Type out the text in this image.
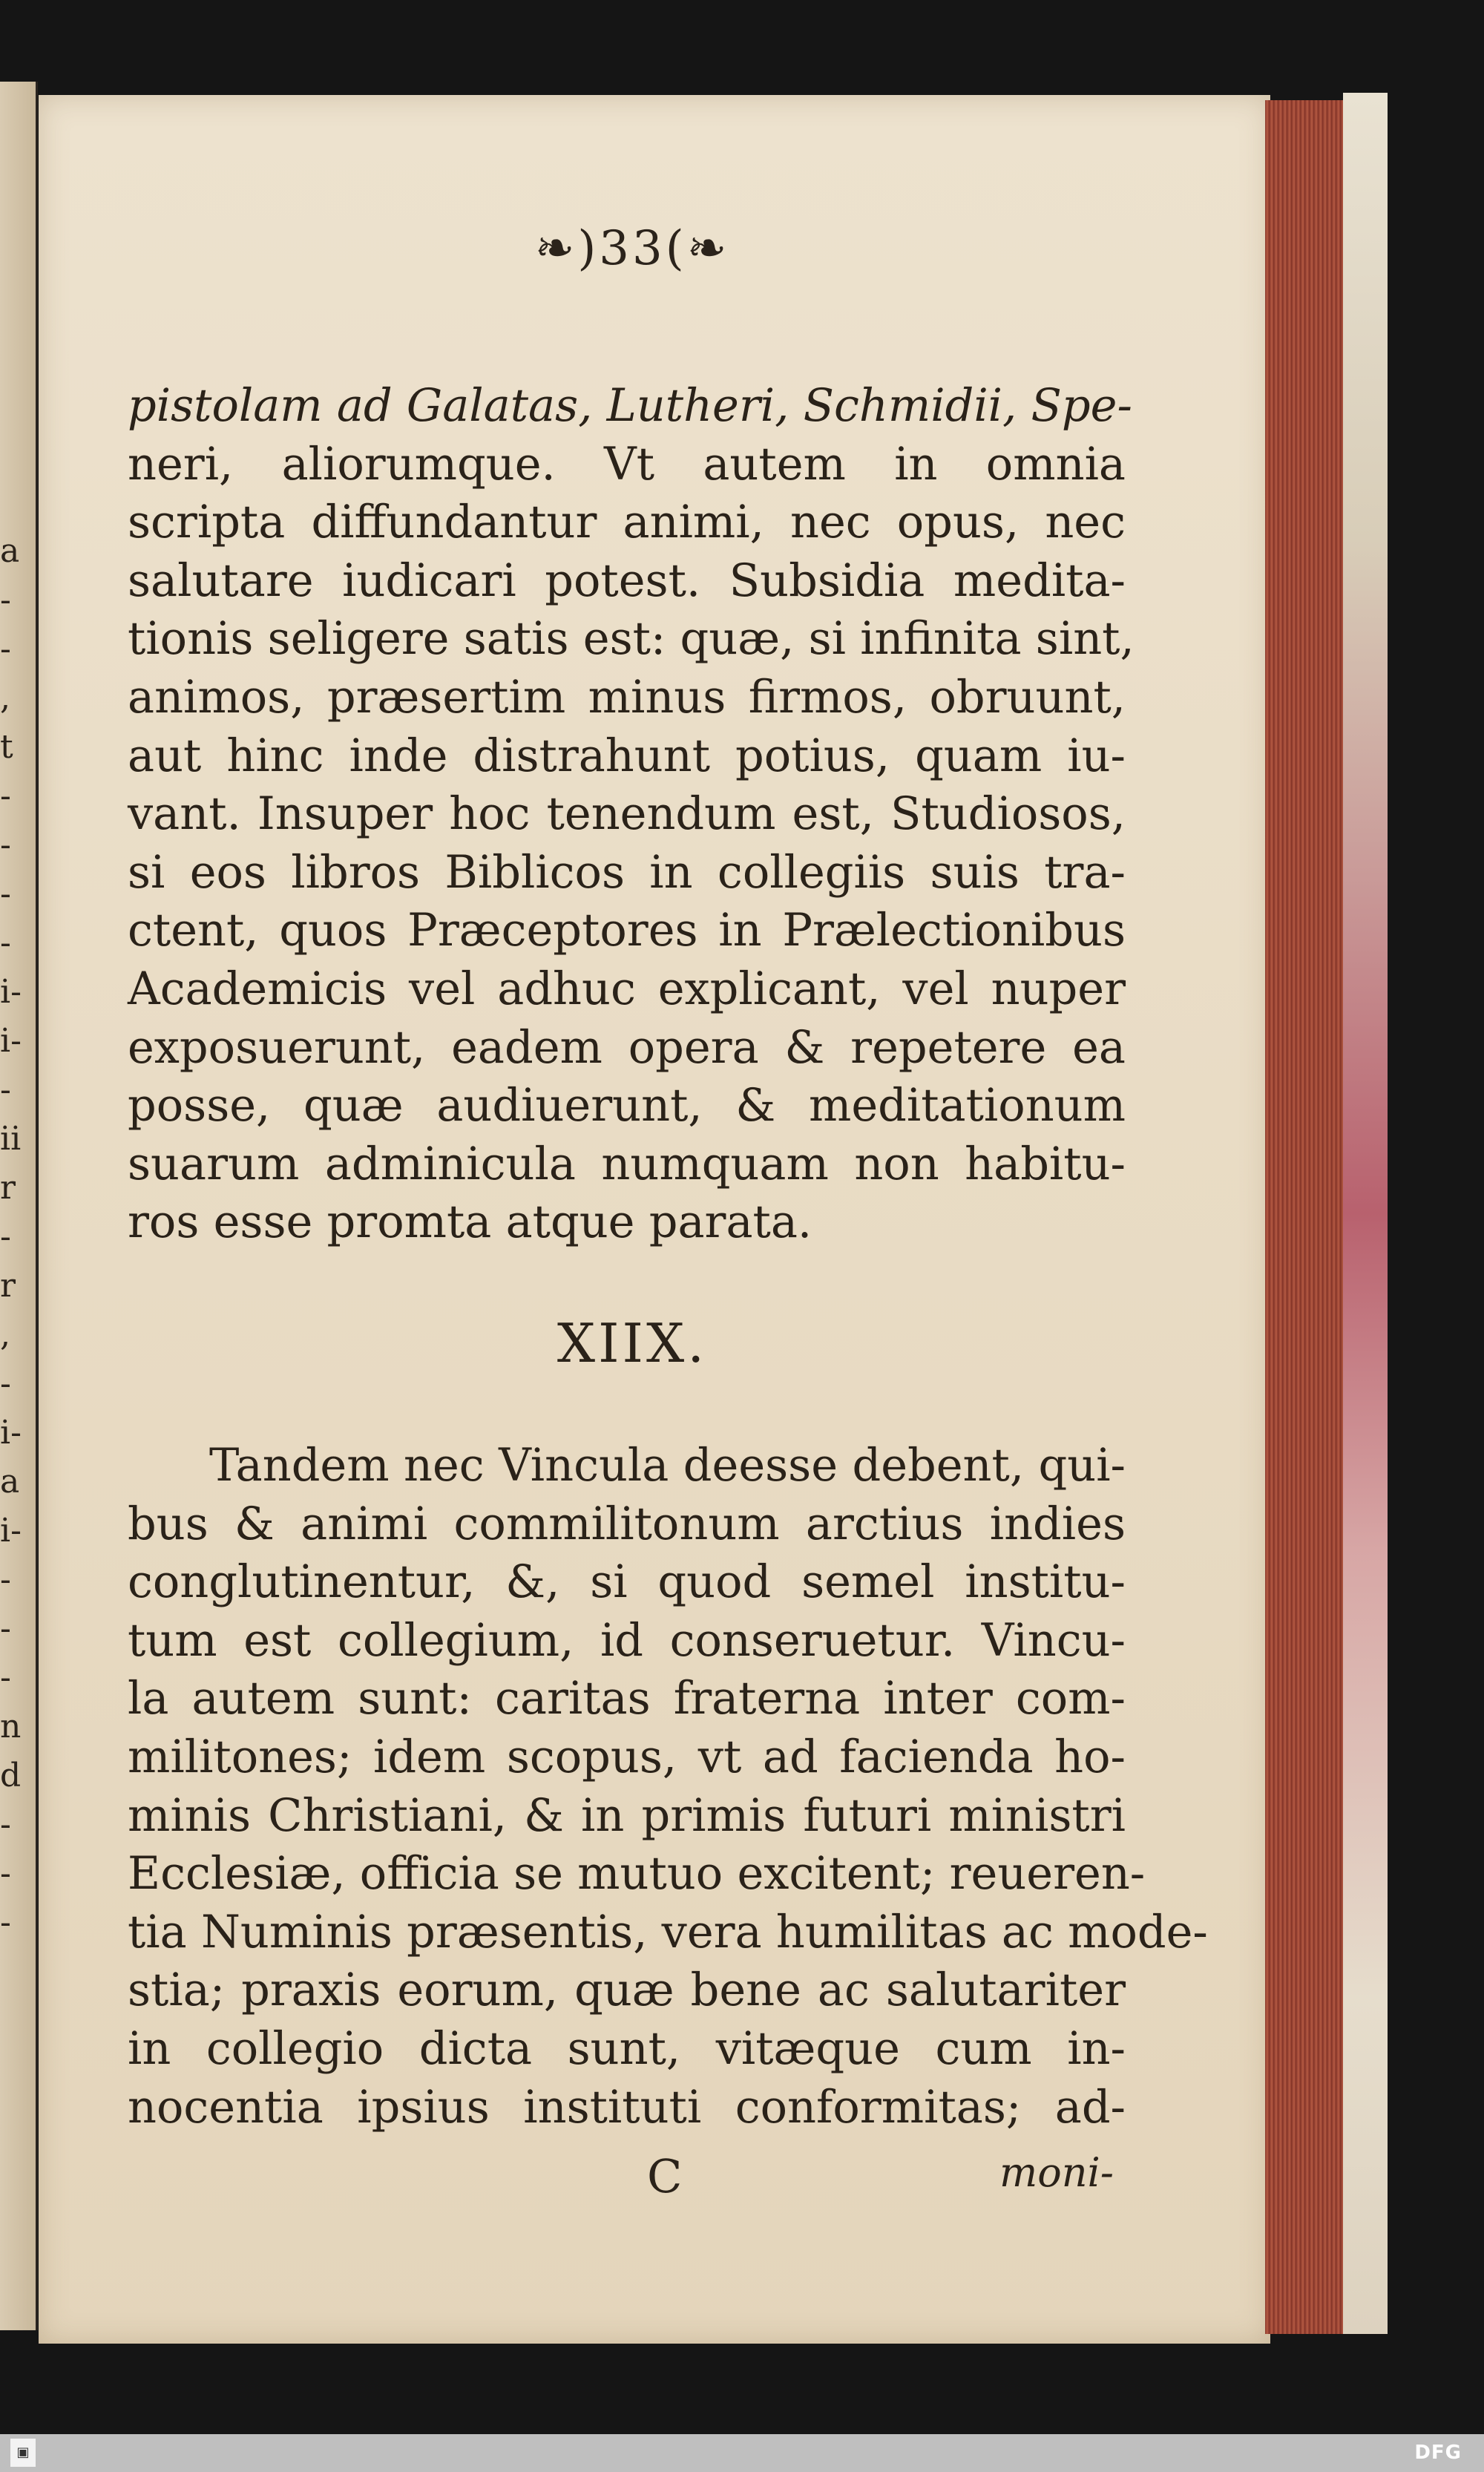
a
-
-
,
t
-
-
-
-
i-
i-
-
ii
r
-
r
,
-
i-
a
i-
-
-
-
n
d
-
-
-
❧)33(❧
pistolam ad Galatas, Lutheri, Schmidii, Spe-
neri, aliorumque. Vt autem in omnia
scripta diffundantur animi, nec opus, nec
salutare iudicari potest. Subsidia medita-
tionis seligere satis est: quæ, si infinita sint,
animos, præsertim minus firmos, obruunt,
aut hinc inde distrahunt potius, quam iu-
vant. Insuper hoc tenendum est, Studiosos,
si eos libros Biblicos in collegiis suis tra-
ctent, quos Præceptores in Prælectionibus
Academicis vel adhuc explicant, vel nuper
exposuerunt, eadem opera & repetere ea
posse, quæ audiuerunt, & meditationum
suarum adminicula numquam non habitu-
ros esse promta atque parata.
XIIX.
Tandem nec Vincula deesse debent, qui-
bus & animi commilitonum arctius indies
conglutinentur, &, si quod semel institu-
tum est collegium, id conseruetur. Vincu-
la autem sunt: caritas fraterna inter com-
militones; idem scopus, vt ad facienda ho-
minis Christiani, & in primis futuri ministri
Ecclesiæ, officia se mutuo excitent; reueren-
tia Numinis præsentis, vera humilitas ac mode-
stia; praxis eorum, quæ bene ac salutariter
in collegio dicta sunt, vitæque cum in-
nocentia ipsius instituti conformitas; ad-
C	moni-
▣	DFG
